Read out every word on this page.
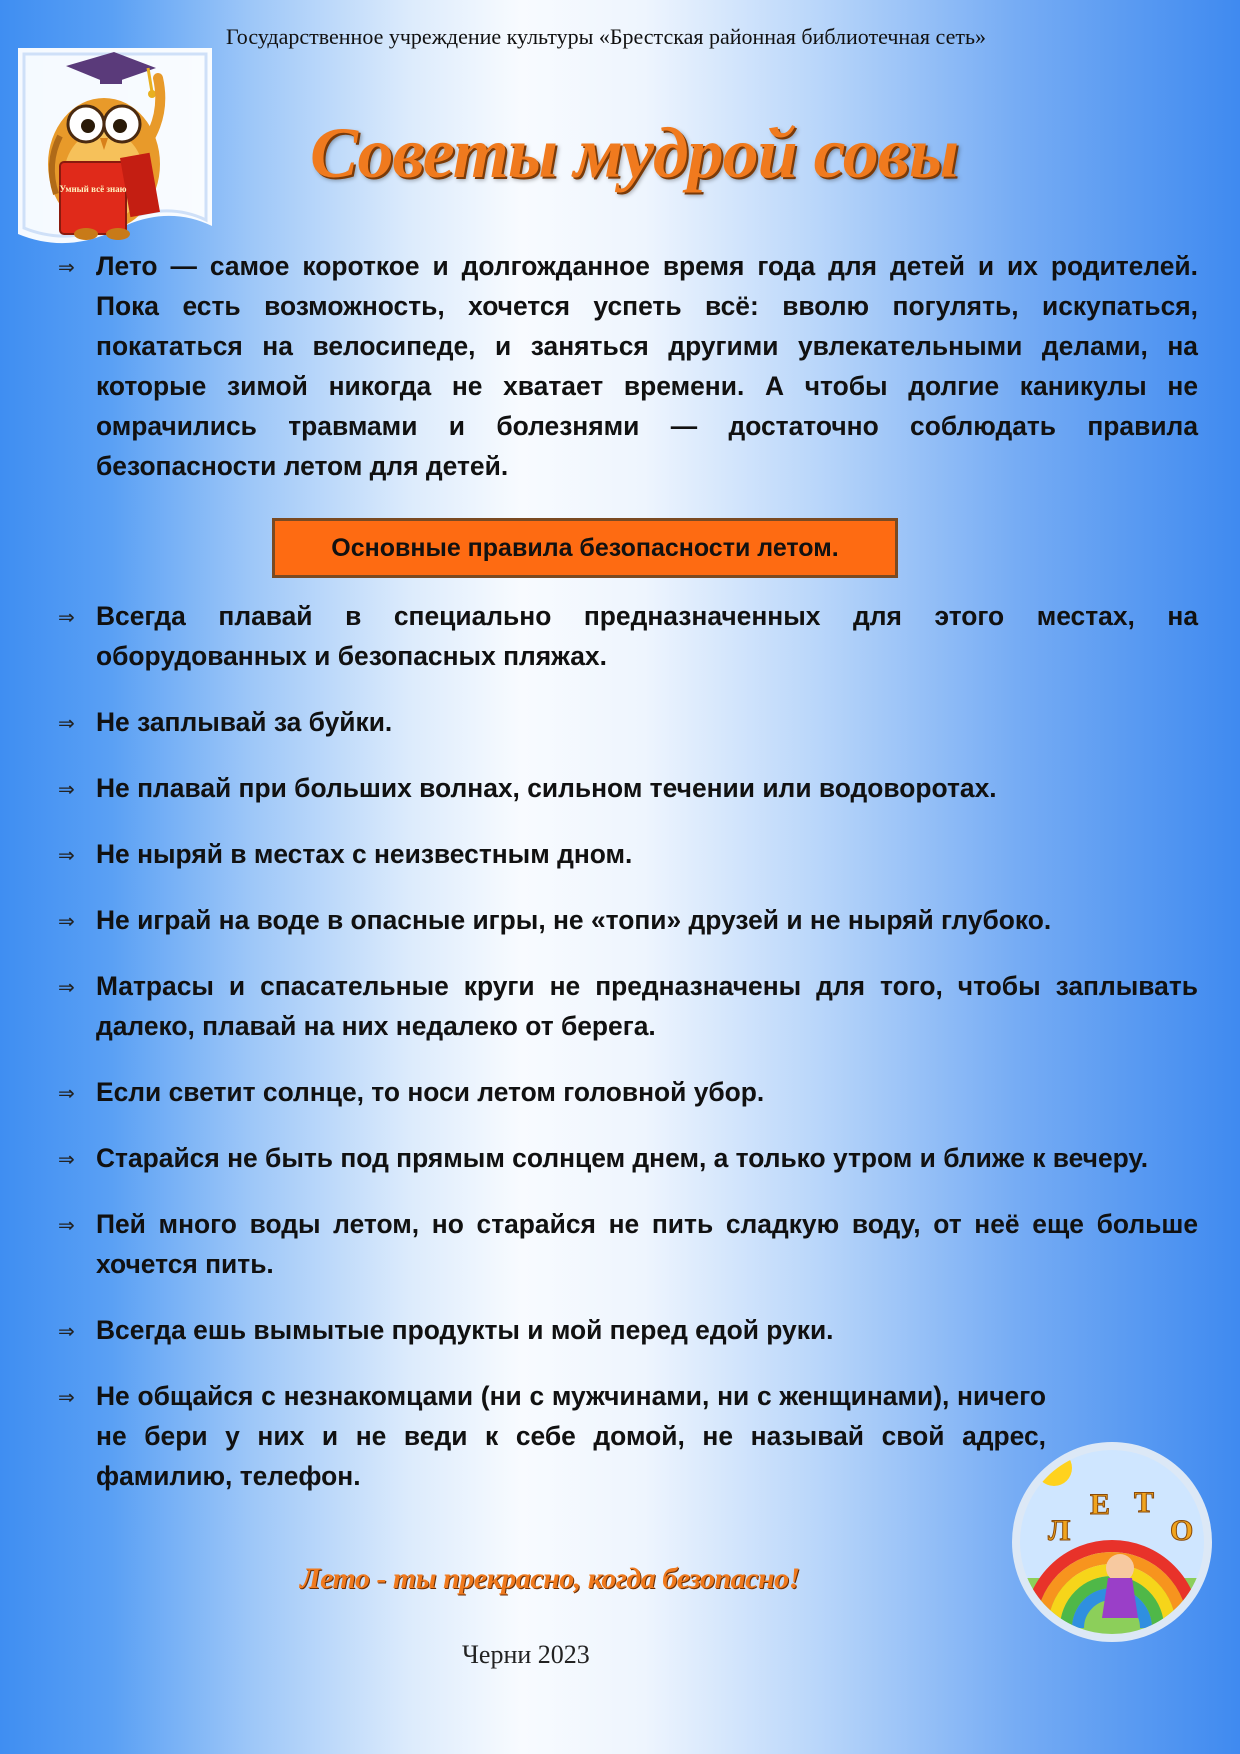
Государственное учреждение культуры «Брестская районная библиотечная сеть»
Умный всё знаю	Советы мудрой совы
⇒ Лето — самое короткое и долгожданное время года для детей и их родителей. Пока есть возможность, хочется успеть всё: вволю погулять, искупаться, покататься на велосипеде, и заняться другими увлекательными делами, на которые зимой никогда не хватает времени. А чтобы долгие каникулы не омрачились травмами и болезнями — достаточно соблюдать правила безопасности летом для детей.
Основные правила безопасности летом.
⇒ Всегда плавай в специально предназначенных для этого местах, на оборудованных и безопасных пляжах.
⇒ Не заплывай за буйки.
⇒ Не плавай при больших волнах, сильном течении или водоворотах.
⇒ Не ныряй в местах с неизвестным дном.
⇒ Не играй на воде в опасные игры, не «топи» друзей и не ныряй глубоко.
⇒ Матрасы и спасательные круги не предназначены для того, чтобы заплывать далеко, плавай на них недалеко от берега.
⇒ Если светит солнце, то носи летом головной убор.
⇒ Старайся не быть под прямым солнцем днем, а только утром и ближе к вечеру.
⇒ Пей много воды летом, но старайся не пить сладкую воду, от неё еще больше хочется пить.
⇒ Всегда ешь вымытые продукты и мой перед едой руки.
⇒ Не общайся с незнакомцами (ни с мужчинами, ни с женщинами), ничего не бери у них и не веди к себе домой, не называй свой адрес, фамилию, телефон.
Л
Е Т
О
Лето - ты прекрасно, когда безопасно!
Черни 2023
